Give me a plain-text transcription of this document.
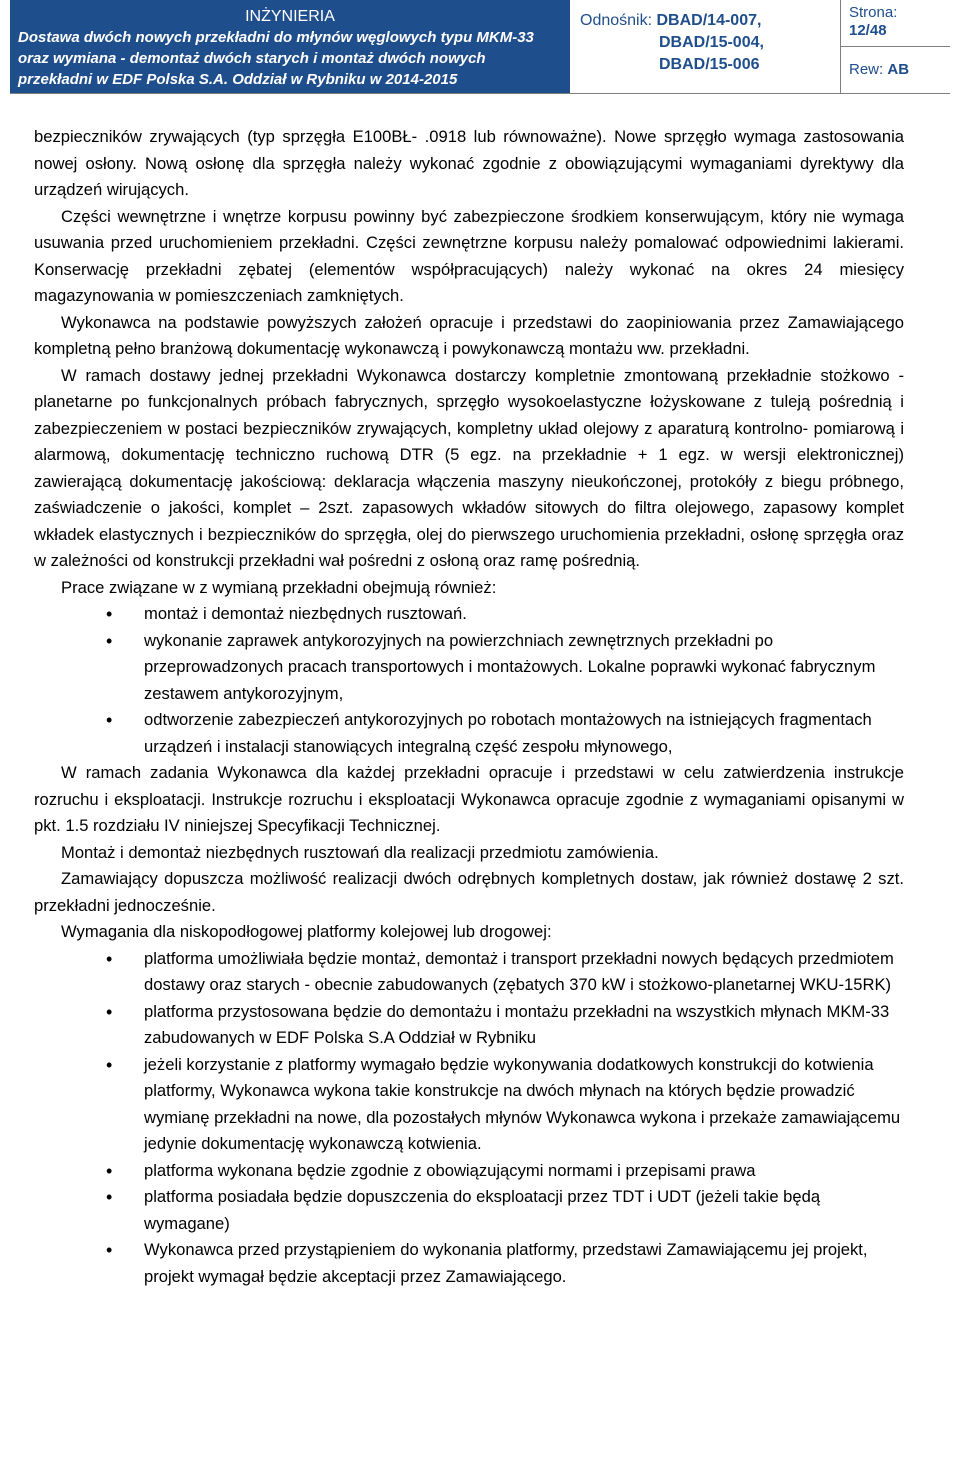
INŻYNIERIA
Dostawa dwóch nowych przekładni do młynów węglowych typu MKM-33
oraz wymiana - demontaż dwóch starych i montaż dwóch nowych
przekładni w EDF Polska S.A. Oddział w Rybniku w 2014-2015
Odnośnik: DBAD/14-007,
DBAD/15-004,
DBAD/15-006
Strona:
12/48
Rew:
AB

bezpieczników zrywających (typ sprzęgła E100BŁ- .0918 lub równoważne). Nowe sprzęgło wymaga zastosowania nowej osłony. Nową osłonę dla sprzęgła należy wykonać zgodnie z obowiązującymi wymaganiami dyrektywy dla urządzeń wirujących.

Części wewnętrzne i wnętrze korpusu powinny być zabezpieczone środkiem konserwującym, który nie wymaga usuwania przed uruchomieniem przekładni. Części zewnętrzne korpusu należy pomalować odpowiednimi lakierami. Konserwację przekładni zębatej (elementów współpracujących) należy wykonać na okres 24 miesięcy magazynowania w pomieszczeniach zamkniętych.

Wykonawca na podstawie powyższych założeń opracuje i przedstawi do zaopiniowania przez Zamawiającego kompletną pełno branżową dokumentację wykonawczą i powykonawczą montażu ww. przekładni.

W ramach dostawy jednej przekładni Wykonawca dostarczy kompletnie zmontowaną przekładnie stożkowo - planetarne po funkcjonalnych próbach fabrycznych, sprzęgło wysokoelastyczne łożyskowane z tuleją pośrednią i zabezpieczeniem w postaci bezpieczników zrywających, kompletny układ olejowy z aparaturą kontrolno- pomiarową i alarmową, dokumentację techniczno ruchową DTR (5 egz. na przekładnie + 1 egz. w wersji elektronicznej) zawierającą dokumentację jakościową: deklaracja włączenia maszyny nieukończonej, protokóły z biegu próbnego, zaświadczenie o jakości, komplet – 2szt. zapasowych wkładów sitowych do filtra olejowego, zapasowy komplet wkładek elastycznych i bezpieczników do sprzęgła, olej do pierwszego uruchomienia przekładni, osłonę sprzęgła oraz w zależności od konstrukcji przekładni wał pośredni z osłoną oraz ramę pośrednią.

Prace związane w z wymianą przekładni obejmują również:

• montaż i demontaż niezbędnych rusztowań.
• wykonanie zaprawek antykorozyjnych na powierzchniach zewnętrznych przekładni po przeprowadzonych pracach transportowych i montażowych. Lokalne poprawki wykonać fabrycznym zestawem antykorozyjnym,
• odtworzenie zabezpieczeń antykorozyjnych po robotach montażowych na istniejących fragmentach urządzeń i instalacji stanowiących integralną część zespołu młynowego,

W ramach zadania Wykonawca dla każdej przekładni opracuje i przedstawi w celu zatwierdzenia instrukcje rozruchu i eksploatacji. Instrukcje rozruchu i eksploatacji Wykonawca opracuje zgodnie z wymaganiami opisanymi w pkt. 1.5 rozdziału IV niniejszej Specyfikacji Technicznej.

Montaż i demontaż niezbędnych rusztowań dla realizacji przedmiotu zamówienia.

Zamawiający dopuszcza możliwość realizacji dwóch odrębnych kompletnych dostaw, jak również dostawę 2 szt. przekładni jednocześnie.

Wymagania dla niskopodłogowej platformy kolejowej lub drogowej:

• platforma umożliwiała będzie montaż, demontaż i transport przekładni nowych będących przedmiotem dostawy oraz starych - obecnie zabudowanych (zębatych 370 kW i stożkowo-planetarnej WKU-15RK)
• platforma przystosowana będzie do demontażu i montażu przekładni na wszystkich młynach MKM-33 zabudowanych w EDF Polska S.A Oddział w Rybniku
• jeżeli korzystanie z platformy wymagało będzie wykonywania dodatkowych konstrukcji do kotwienia platformy, Wykonawca wykona takie konstrukcje na dwóch młynach na których będzie prowadzić wymianę przekładni na nowe, dla pozostałych młynów Wykonawca wykona i przekaże zamawiającemu jedynie dokumentację wykonawczą kotwienia.
• platforma wykonana będzie zgodnie z obowiązującymi normami i przepisami prawa
• platforma posiadała będzie dopuszczenia do eksploatacji przez TDT i UDT (jeżeli takie będą wymagane)
• Wykonawca przed przystąpieniem do wykonania platformy, przedstawi Zamawiającemu jej projekt, projekt wymagał będzie akceptacji przez Zamawiającego.
